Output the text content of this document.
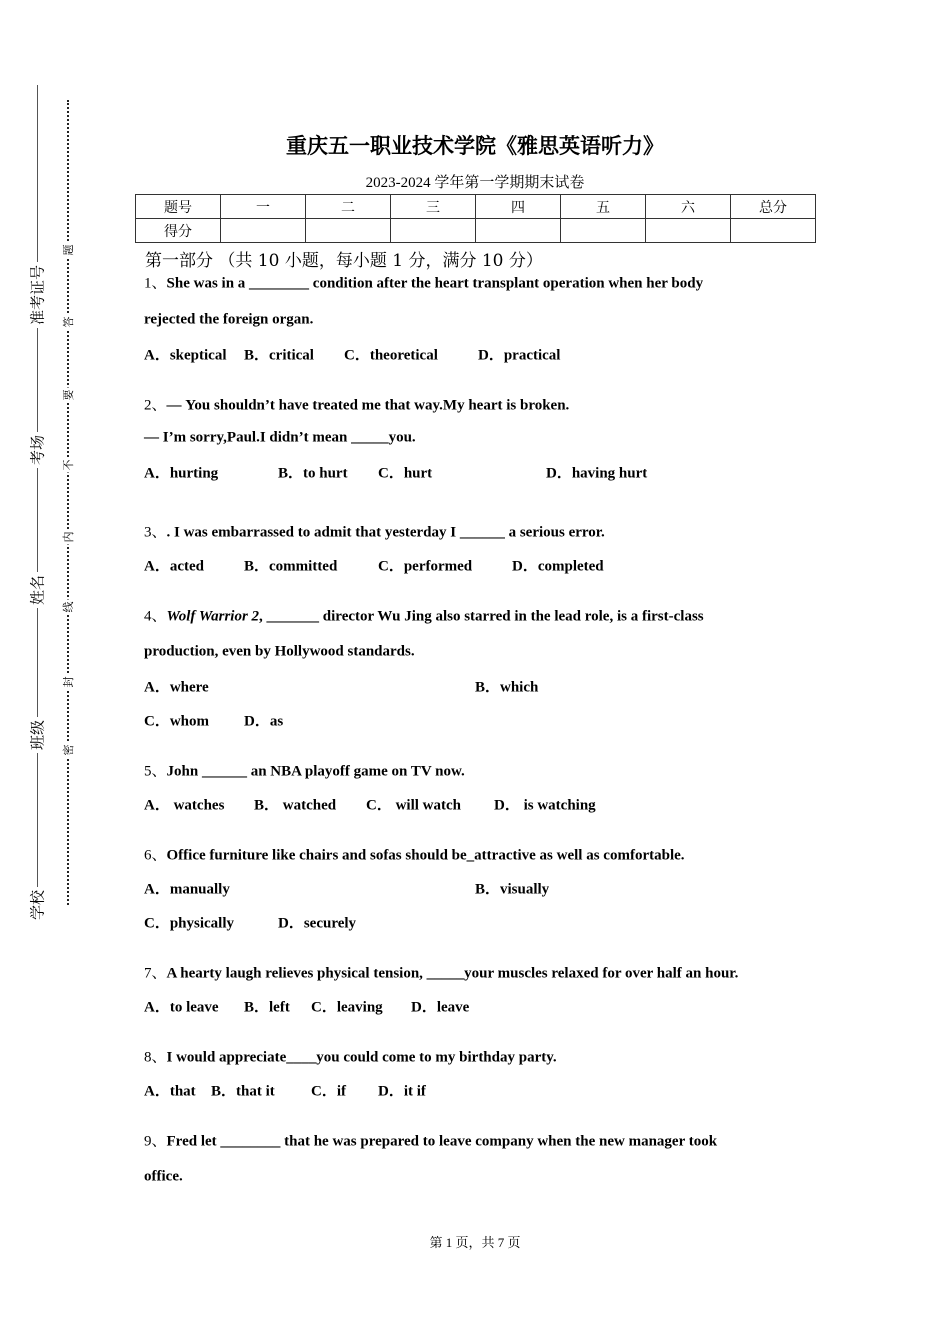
学校
班级
姓名
考场
准考证号
密
封
线
内
不
要
答
题
重庆五一职业技术学院《雅思英语听力》
2023-2024 学年第一学期期末试卷
题号	一	二	三	四	五	六	总分
得分							
第一部分 （共 10 小题，每小题 1 分，满分 10 分）
1、She was in a ________ condition after the heart transplant operation when her body
rejected the foreign organ.
A．skeptical B．critical C．theoretical	D．practical
2、— You shouldn’t have treated me that way.My heart is broken.
— I’m sorry,Paul.I didn’t mean _____you.
A．hurting	B．to hurt C．hurt	D．having hurt
3、. I was embarrassed to admit that yesterday I ______ a serious error.
A．acted	B．committed	C．performed	D．completed
4、Wolf Warrior 2, _______ director Wu Jing also starred in the lead role, is a first-class
production, even by Hollywood standards.
A．where	B．which
C．whom D．as
5、John ______ an NBA playoff game on TV now.
A． watches B． watched C． will watch D． is watching
6、Office furniture like chairs and sofas should be_attractive as well as comfortable.
A．manually	B．visually
C．physically	D．securely
7、A hearty laugh relieves physical tension, _____your muscles relaxed for over half an hour.
A．to leave B．left C．leaving D．leave
8、I would appreciate____you could come to my birthday party.
A．that B．that it C．if D．it if
9、Fred let ________ that he was prepared to leave company when the new manager took
office.
第 1 页，共 7 页
